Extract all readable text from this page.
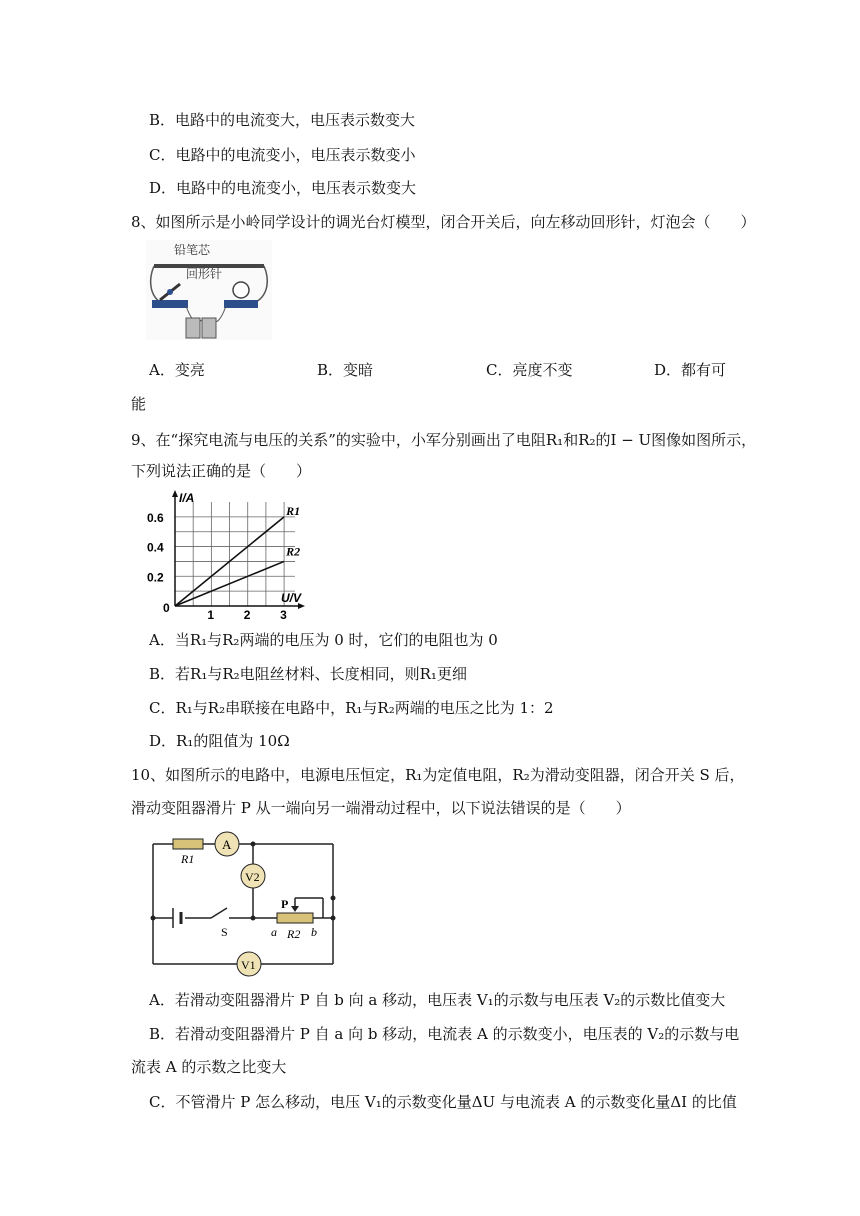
B．电路中的电流变大，电压表示数变大
C．电路中的电流变小，电压表示数变小
D．电路中的电流变小，电压表示数变大
8、如图所示是小岭同学设计的调光台灯模型，闭合开关后，向左移动回形针，灯泡会（　　）
铅笔芯
回形针
A．变亮	B．变暗	C．亮度不变	D．都有可
能
9、在“探究电流与电压的关系”的实验中，小军分别画出了电阻R₁和R₂的I − U图像如图所示，
下列说法正确的是（　　）
1 2 3
0.2
0.4
0.6
0
U/V
I/A
R1
R2
A．当R₁与R₂两端的电压为 0 时，它们的电阻也为 0
B．若R₁与R₂电阻丝材料、长度相同，则R₁更细
C．R₁与R₂串联接在电路中，R₁与R₂两端的电压之比为 1：2
D．R₁的阻值为 10Ω
10、如图所示的电路中，电源电压恒定，R₁为定值电阻，R₂为滑动变阻器，闭合开关 S 后，
滑动变阻器滑片 P 从一端向另一端滑动过程中，以下说法错误的是（　　）
R1
A
V2
P
a R2 b
S
V1
A．若滑动变阻器滑片 P 自 b 向 a 移动，电压表 V₁的示数与电压表 V₂的示数比值变大
B．若滑动变阻器滑片 P 自 a 向 b 移动，电流表 A 的示数变小，电压表的 V₂的示数与电
流表 A 的示数之比变大
C．不管滑片 P 怎么移动，电压 V₁的示数变化量ΔU 与电流表 A 的示数变化量ΔI 的比值
